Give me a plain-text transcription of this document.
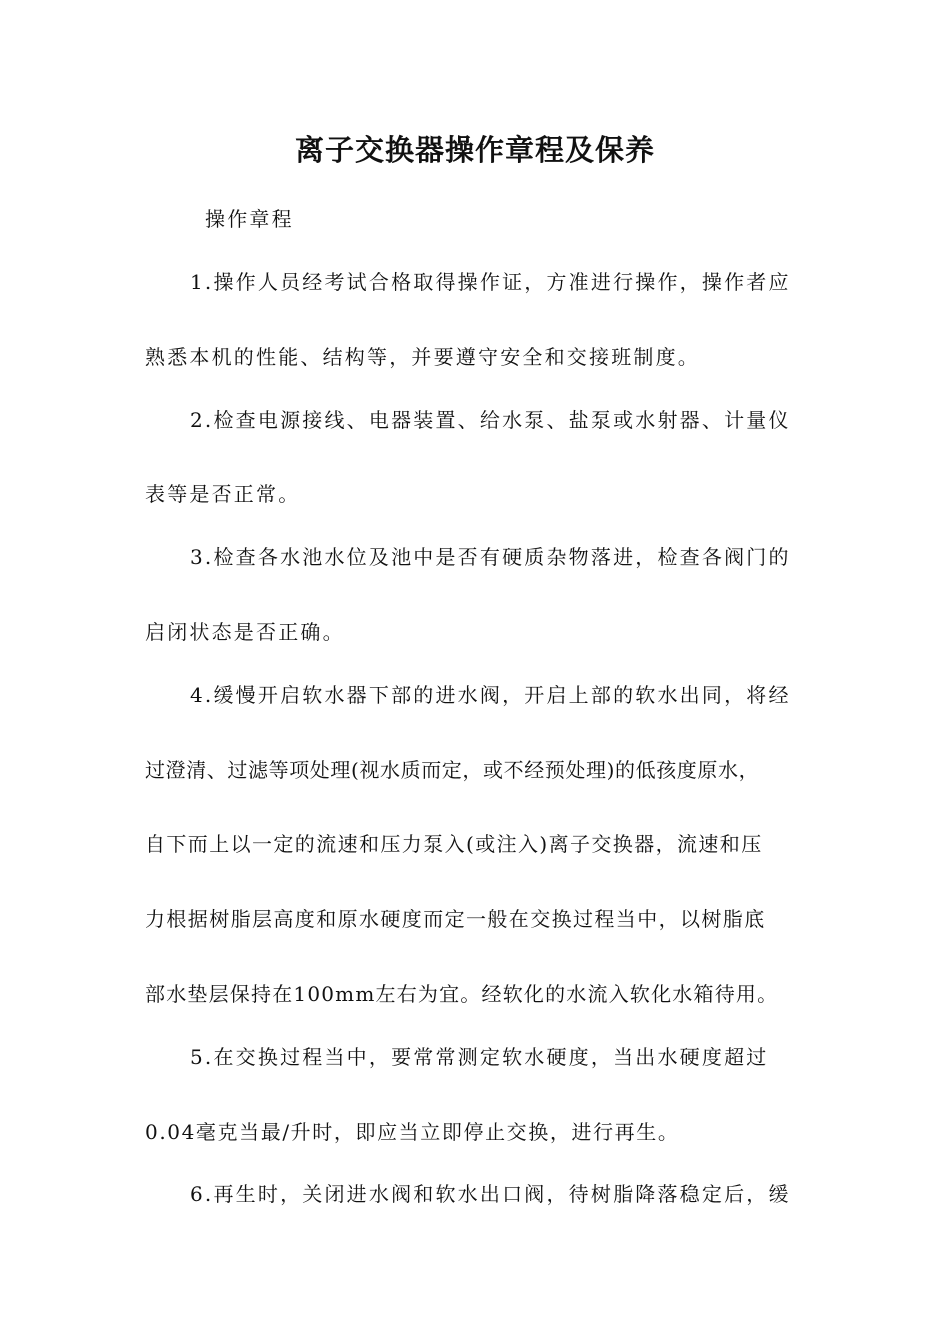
离子交换器操作章程及保养
操作章程
1.操作人员经考试合格取得操作证，方准进行操作，操作者应
熟悉本机的性能、结构等，并要遵守安全和交接班制度。
2.检查电源接线、电器装置、给水泵、盐泵或水射器、计量仪
表等是否正常。
3.检查各水池水位及池中是否有硬质杂物落进，检查各阀门的
启闭状态是否正确。
4.缓慢开启软水器下部的进水阀，开启上部的软水出同，将经
过澄清、过滤等项处理(视水质而定，或不经预处理)的低孩度原水，
自下而上以一定的流速和压力泵入(或注入)离子交换器，流速和压
力根据树脂层高度和原水硬度而定一般在交换过程当中，以树脂底
部水垫层保持在100mm左右为宜。经软化的水流入软化水箱待用。
5.在交换过程当中，要常常测定软水硬度，当出水硬度超过
0.04毫克当最/升时，即应当立即停止交换，进行再生。
6.再生时，关闭进水阀和软水出口阀，待树脂降落稳定后，缓
